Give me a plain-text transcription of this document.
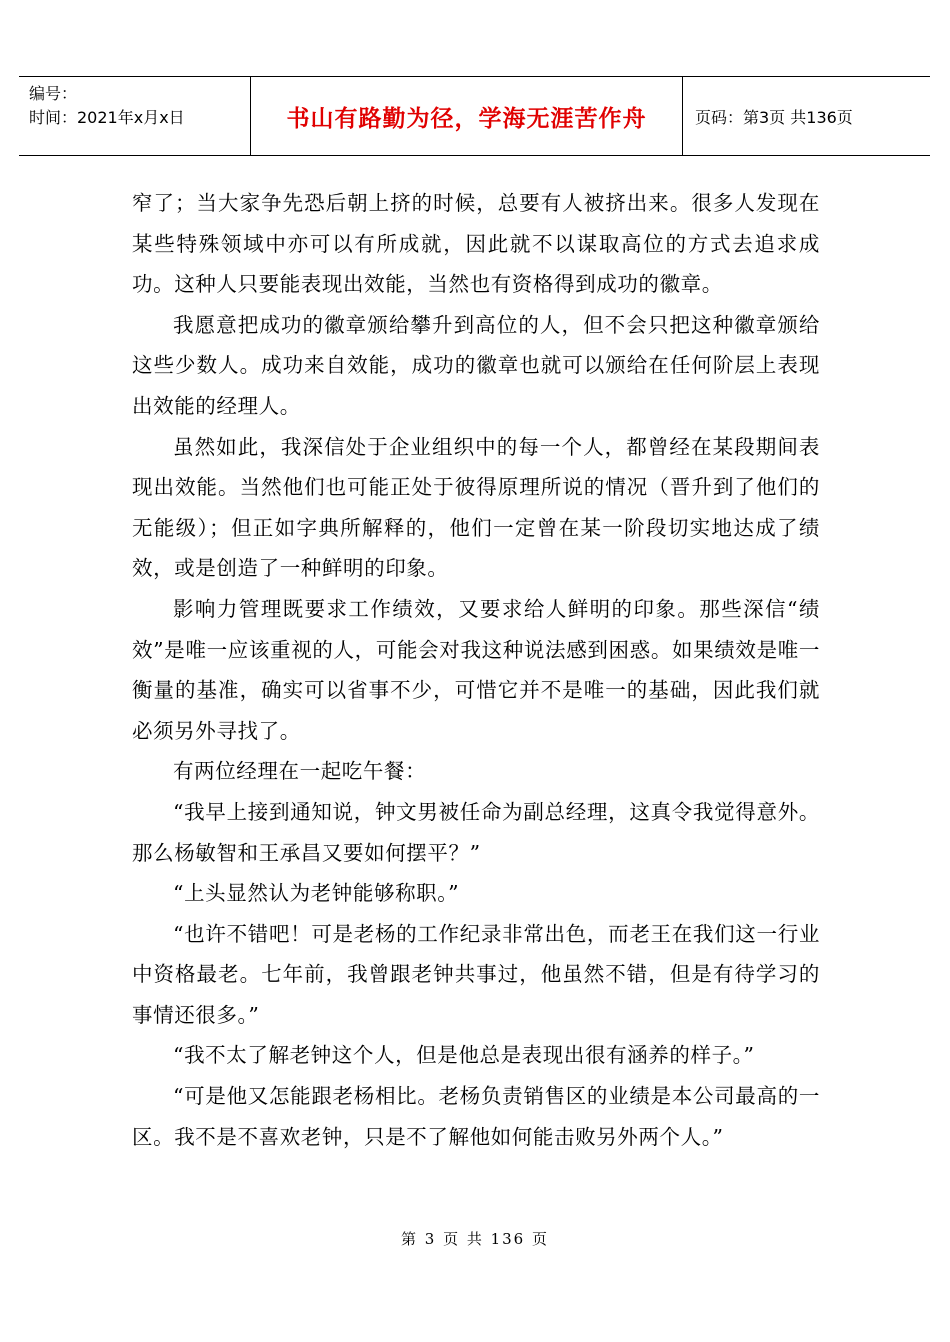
编号：
时间：2021年x月x日	书山有路勤为径，学海无涯苦作舟	页码：第3页 共136页

窄了；当大家争先恐后朝上挤的时候，总要有人被挤出来。很多人发现在某些特殊领域中亦可以有所成就，因此就不以谋取高位的方式去追求成功。这种人只要能表现出效能，当然也有资格得到成功的徽章。

我愿意把成功的徽章颁给攀升到高位的人，但不会只把这种徽章颁给这些少数人。成功来自效能，成功的徽章也就可以颁给在任何阶层上表现出效能的经理人。

虽然如此，我深信处于企业组织中的每一个人，都曾经在某段期间表现出效能。当然他们也可能正处于彼得原理所说的情况（晋升到了他们的无能级）；但正如字典所解释的，他们一定曾在某一阶段切实地达成了绩效，或是创造了一种鲜明的印象。

影响力管理既要求工作绩效，又要求给人鲜明的印象。那些深信“绩效”是唯一应该重视的人，可能会对我这种说法感到困惑。如果绩效是唯一衡量的基准，确实可以省事不少，可惜它并不是唯一的基础，因此我们就必须另外寻找了。

有两位经理在一起吃午餐：

“我早上接到通知说，钟文男被任命为副总经理，这真令我觉得意外。那么杨敏智和王承昌又要如何摆平？”

“上头显然认为老钟能够称职。”

“也许不错吧！可是老杨的工作纪录非常出色，而老王在我们这一行业中资格最老。七年前，我曾跟老钟共事过，他虽然不错，但是有待学习的事情还很多。”

“我不太了解老钟这个人，但是他总是表现出很有涵养的样子。”

“可是他又怎能跟老杨相比。老杨负责销售区的业绩是本公司最高的一区。我不是不喜欢老钟，只是不了解他如何能击败另外两个人。”

第 3 页 共 136 页
